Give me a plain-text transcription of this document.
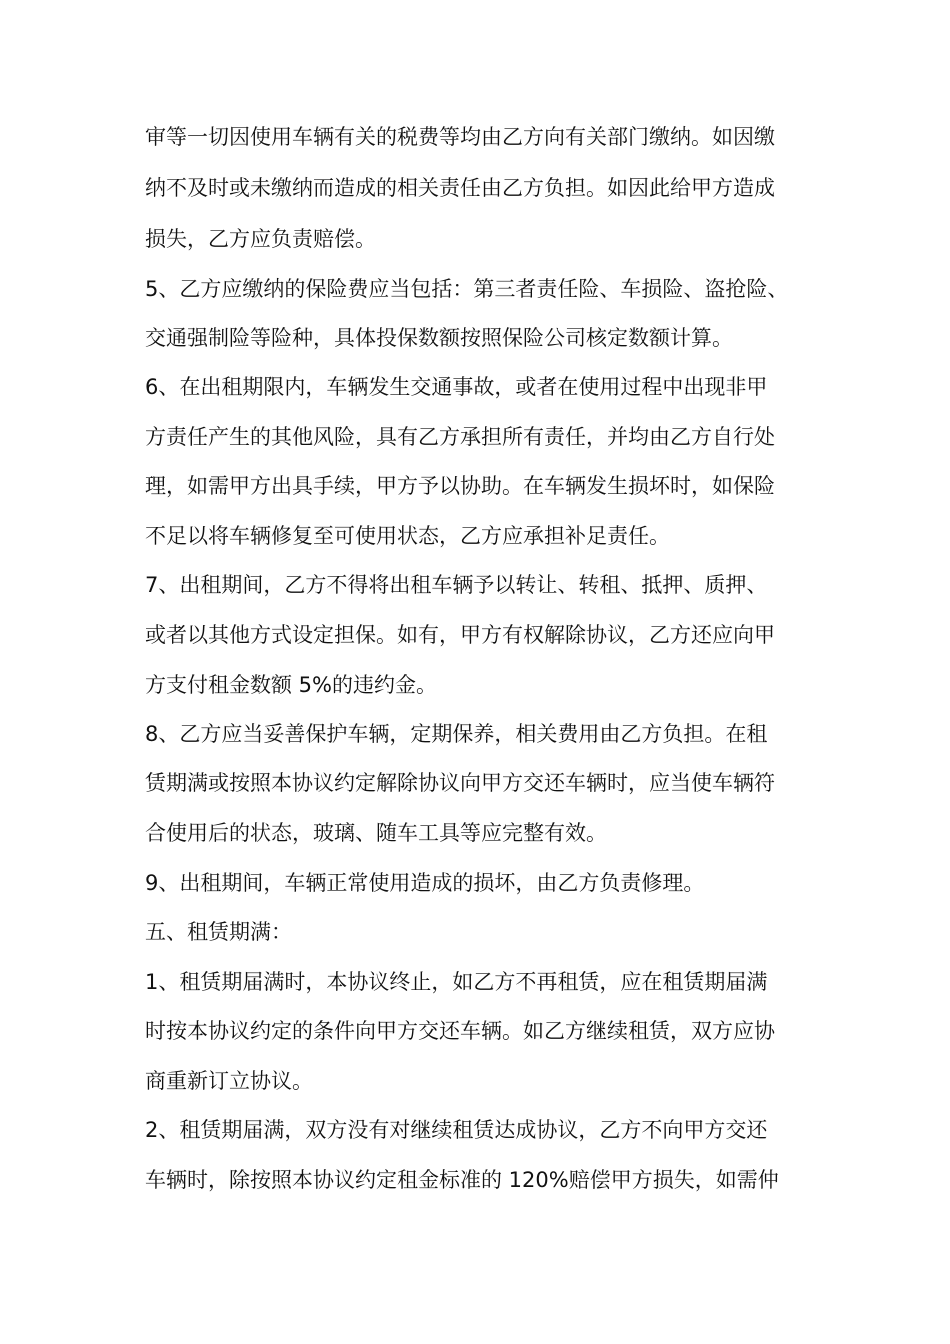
审等一切因使用车辆有关的税费等均由乙方向有关部门缴纳。如因缴
纳不及时或未缴纳而造成的相关责任由乙方负担。如因此给甲方造成
损失，乙方应负责赔偿。
5、乙方应缴纳的保险费应当包括：第三者责任险、车损险、盗抢险、
交通强制险等险种，具体投保数额按照保险公司核定数额计算。
6、在出租期限内，车辆发生交通事故，或者在使用过程中出现非甲
方责任产生的其他风险，具有乙方承担所有责任，并均由乙方自行处
理，如需甲方出具手续，甲方予以协助。在车辆发生损坏时，如保险
不足以将车辆修复至可使用状态，乙方应承担补足责任。
7、出租期间，乙方不得将出租车辆予以转让、转租、抵押、质押、
或者以其他方式设定担保。如有，甲方有权解除协议，乙方还应向甲
方支付租金数额 5%的违约金。
8、乙方应当妥善保护车辆，定期保养，相关费用由乙方负担。在租
赁期满或按照本协议约定解除协议向甲方交还车辆时，应当使车辆符
合使用后的状态，玻璃、随车工具等应完整有效。
9、出租期间，车辆正常使用造成的损坏，由乙方负责修理。
五、租赁期满：
1、租赁期届满时，本协议终止，如乙方不再租赁，应在租赁期届满
时按本协议约定的条件向甲方交还车辆。如乙方继续租赁，双方应协
商重新订立协议。
2、租赁期届满，双方没有对继续租赁达成协议，乙方不向甲方交还
车辆时，除按照本协议约定租金标准的 120%赔偿甲方损失，如需仲
